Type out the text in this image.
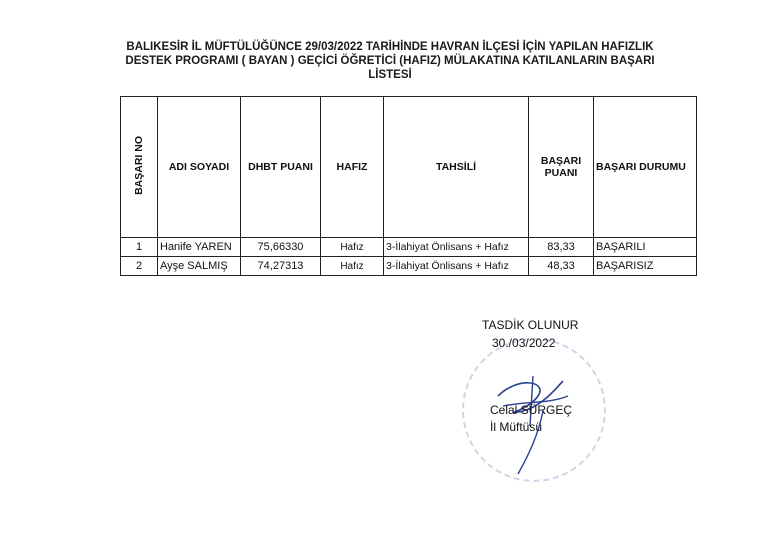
BALIKESİR İL MÜFTÜLÜĞÜNCE 29/03/2022 TARİHİNDE HAVRAN İLÇESİ İÇİN YAPILAN HAFIZLIK
DESTEK PROGRAMI ( BAYAN ) GEÇİCİ ÖĞRETİCİ (HAFIZ) MÜLAKATINA KATILANLARIN BAŞARI
LİSTESİ
BAŞARI NO	ADI SOYADI	DHBT PUANI	HAFIZ	TAHSİLİ	BAŞARI PUANI	BAŞARI DURUMU
1	Hanife YAREN	75,66330	Hafız	3-İlahiyat Önlisans + Hafız	83,33	BAŞARILI
2	Ayşe SALMIŞ	74,27313	Hafız	3-İlahiyat Önlisans + Hafız	48,33	BAŞARISIZ
TASDİK OLUNUR
30./03/2022
Celal SÜRGEÇ
İl Müftüsü
